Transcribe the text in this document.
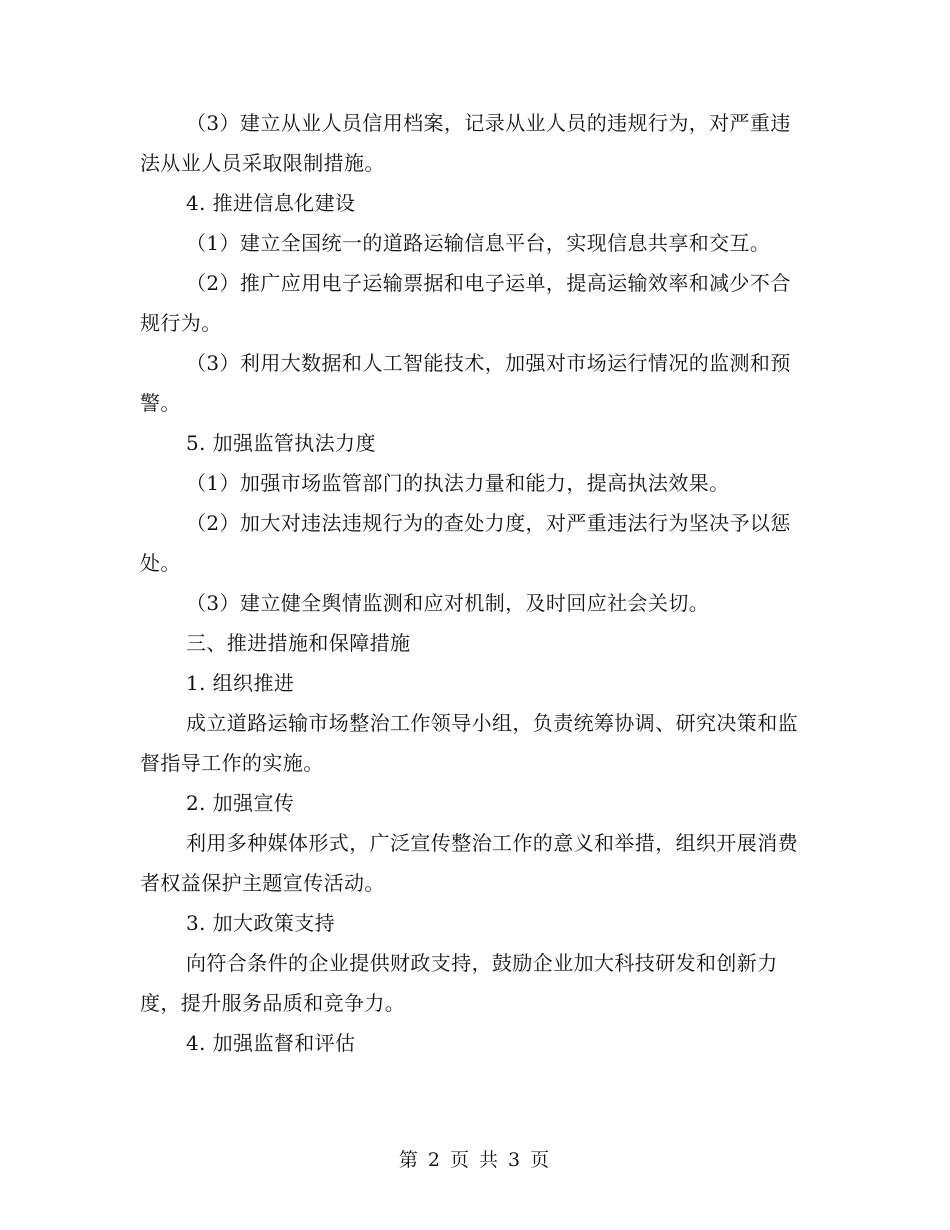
（3）建立从业人员信用档案，记录从业人员的违规行为，对严重违法从业人员采取限制措施。

4. 推进信息化建设

（1）建立全国统一的道路运输信息平台，实现信息共享和交互。

（2）推广应用电子运输票据和电子运单，提高运输效率和减少不合规行为。

（3）利用大数据和人工智能技术，加强对市场运行情况的监测和预警。

5. 加强监管执法力度

（1）加强市场监管部门的执法力量和能力，提高执法效果。

（2）加大对违法违规行为的查处力度，对严重违法行为坚决予以惩处。

（3）建立健全舆情监测和应对机制，及时回应社会关切。

三、推进措施和保障措施

1. 组织推进

成立道路运输市场整治工作领导小组，负责统筹协调、研究决策和监督指导工作的实施。

2. 加强宣传

利用多种媒体形式，广泛宣传整治工作的意义和举措，组织开展消费者权益保护主题宣传活动。

3. 加大政策支持

向符合条件的企业提供财政支持，鼓励企业加大科技研发和创新力度，提升服务品质和竞争力。

4. 加强监督和评估

第 2 页 共 3 页
